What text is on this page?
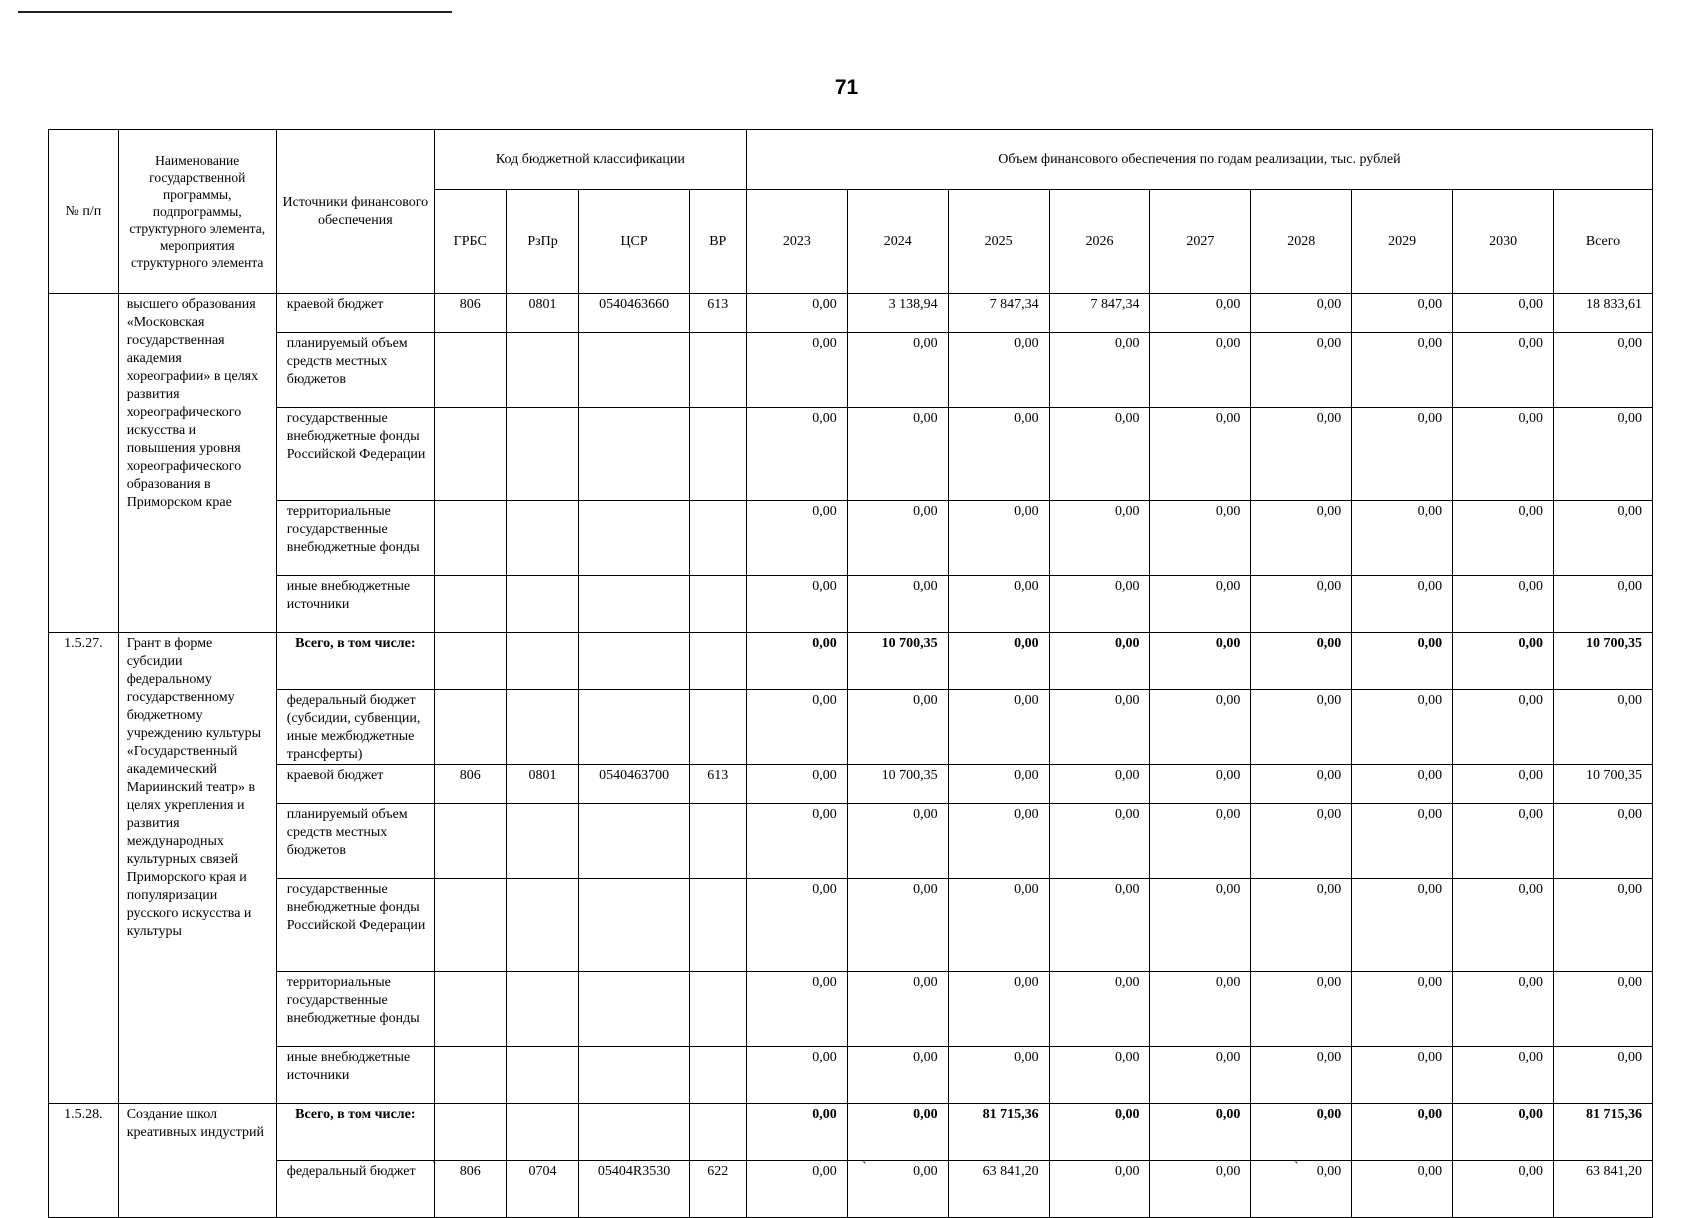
71
№ п/п	Наименование государственной программы, подпрограммы, структурного элемента, мероприятия структурного элемента	Источники финансового обеспечения	Код бюджетной классификации				Объем финансового обеспечения по годам реализации, тыс. рублей								
			ГРБС	РзПр	ЦСР	ВР	2023	2024	2025	2026	2027	2028	2029	2030	Всего
	высшего образования «Московская государственная академия хореографии» в целях развития хореографического искусства и повышения уровня хореографического образования в Приморском крае	краевой бюджет	806	0801	0540463660	613	0,00	3 138,94	7 847,34	7 847,34	0,00	0,00	0,00	0,00	18 833,61
		планируемый объем средств местных бюджетов					0,00	0,00	0,00	0,00	0,00	0,00	0,00	0,00	0,00
		государственные внебюджетные фонды Российской Федерации					0,00	0,00	0,00	0,00	0,00	0,00	0,00	0,00	0,00
		территориальные государственные внебюджетные фонды					0,00	0,00	0,00	0,00	0,00	0,00	0,00	0,00	0,00
		иные внебюджетные источники					0,00	0,00	0,00	0,00	0,00	0,00	0,00	0,00	0,00
1.5.27.	Грант в форме субсидии федеральному государственному бюджетному учреждению культуры «Государственный академический Мариинский театр» в целях укрепления и развития международных культурных связей Приморского края и популяризации русского искусства и культуры	Всего, в том числе:					0,00	10 700,35	0,00	0,00	0,00	0,00	0,00	0,00	10 700,35
		федеральный бюджет (субсидии, субвенции, иные межбюджетные трансферты)					0,00	0,00	0,00	0,00	0,00	0,00	0,00	0,00	0,00
		краевой бюджет	806	0801	0540463700	613	0,00	10 700,35	0,00	0,00	0,00	0,00	0,00	0,00	10 700,35
		планируемый объем средств местных бюджетов					0,00	0,00	0,00	0,00	0,00	0,00	0,00	0,00	0,00
		государственные внебюджетные фонды Российской Федерации					0,00	0,00	0,00	0,00	0,00	0,00	0,00	0,00	0,00
		территориальные государственные внебюджетные фонды					0,00	0,00	0,00	0,00	0,00	0,00	0,00	0,00	0,00
		иные внебюджетные источники					0,00	0,00	0,00	0,00	0,00	0,00	0,00	0,00	0,00
1.5.28.	Создание школ креативных индустрий	Всего, в том числе:					0,00	0,00	81 715,36	0,00	0,00	0,00	0,00	0,00	81 715,36
		федеральный бюджет	806	0704	05404R3530	622	0,00	0,00	63 841,20	0,00	0,00	0,00	0,00	0,00	63 841,20
`	`	`
